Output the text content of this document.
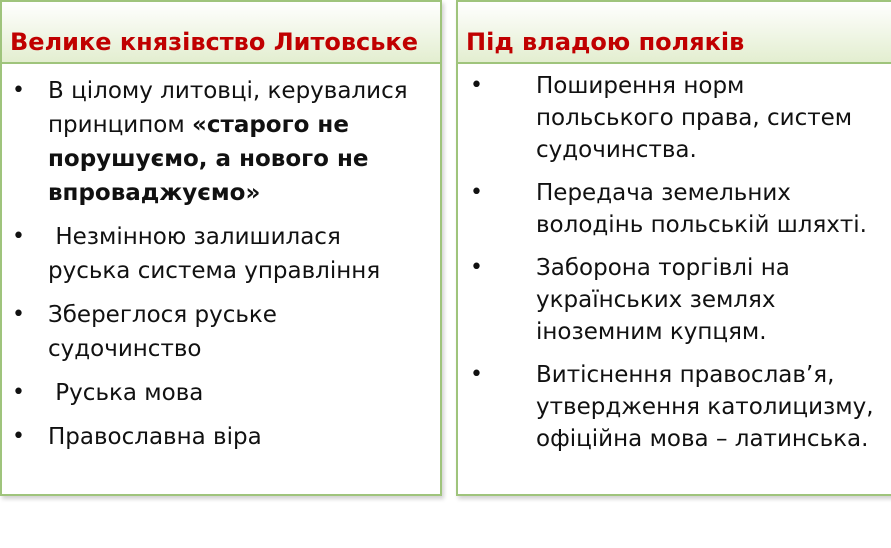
Велике князівство Литовське
• В цілому литовці, керувалися принципом «старого не порушуємо, а нового не впроваджуємо»
• Незмінною залишилася руська система управління
• Збереглося руське судочинство
• Руська мова
• Православна віра
Під владою поляків
• Поширення норм
польського права, систем
судочинства.
• Передача земельних
володінь польській шляхті.
• Заборона торгівлі на
українських землях
іноземним купцям.
• Витіснення православ’я,
утвердження католицизму,
офіційна мова – латинська.
